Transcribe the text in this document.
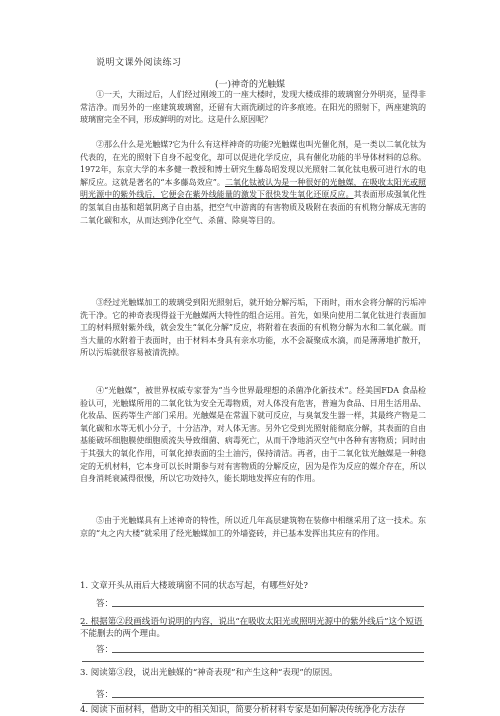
说明文课外阅读练习
(一)神奇的光触媒

①一天，大雨过后，人们经过刚竣工的一座大楼时，发现大楼成排的玻璃窗分外明亮，显得非常洁净。而另外的一座建筑玻璃窗，还留有大雨洗刷过的许多痕迹。在阳光的照射下，两座建筑的玻璃窗完全不同，形成鲜明的对比。这是什么原因呢？

②那么什么是光触媒?它为什么有这样神奇的功能?光触媒也叫光催化剂，是一类以二氧化钛为代表的，在光的照射下自身不起变化，却可以促进化学反应，具有催化功能的半导体材料的总称。1972年，东京大学的本多健一教授和博士研究生藤岛昭发现以光照射二氧化钛电极可进行水的电解反应。这就是著名的“本多藤岛效应”。二氧化钛被认为是一种很好的光触媒，在吸收太阳光或照明光源中的紫外线后，它便会在紫外线能量的激发下很快发生氧化还原反应。其表面形成强氧化性的氢氧自由基和超氧阴离子自由基，把空气中游离的有害物质及吸附在表面的有机物分解成无害的二氧化碳和水，从而达到净化空气、杀菌、除臭等目的。

③经过光触媒加工的玻璃受到阳光照射后，就开始分解污垢，下雨时，雨水会将分解的污垢冲洗干净。它的神奇表现得益于光触媒两大特性的组合运用。首先，如果向使用二氧化钛进行表面加工的材料照射紫外线，就会发生“氧化分解”反应，将附着在表面的有机物分解为水和二氧化碳。而当大量的水附着于表面时，由于材料本身具有亲水功能，水不会凝聚成水滴，而是薄薄地扩散开，所以污垢就很容易被清洗掉。

④“光触媒”，被世界权威专家誉为“当今世界最理想的杀菌净化新技术”。经美国FDA 食品检验认可，光触媒所用的二氧化钛为安全无毒物质，对人体没有危害，普遍为食品、日用生活用品、化妆品、医药等生产部门采用。光触媒是在常温下就可反应，与臭氧发生器一样，其最终产物是二氧化碳和水等无机小分子，十分洁净，对人体无害。另外它受到光照射能彻底分解，其表面的自由基能破坏细胞膜使细胞质流失导致细菌、病毒死亡，从而干净地消灭空气中各种有害物质；同时由于其强大的氧化作用，可氧化掉表面的尘土油污，保持清洁。再者，由于二氧化钛光触媒是一种稳定的无机材料，它本身可以长时期参与对有害物质的分解反应，因为是作为反应的媒介存在，所以自身消耗衰减得很慢，所以它功效持久，能长期地发挥应有的作用。

⑤由于光触媒具有上述神奇的特性，所以近几年高层建筑物在装修中相继采用了这一技术。东京的“丸之内大楼”就采用了经光触媒加工的外墙瓷砖，并已基本发挥出其应有的作用。

1. 文章开头从雨后大楼玻璃窗不同的状态写起，有哪些好处?
答：
2. 根据第②段画线语句说明的内容，说出“在吸收太阳光或照明光源中的紫外线后”这个短语不能删去的两个理由。
答：
3. 阅读第③段，说出光触媒的“神奇表现”和产生这种“表现”的原因。
答：
4. 阅读下面材料，借助文中的相关知识，简要分析材料专家是如何解决传统净化方法存
